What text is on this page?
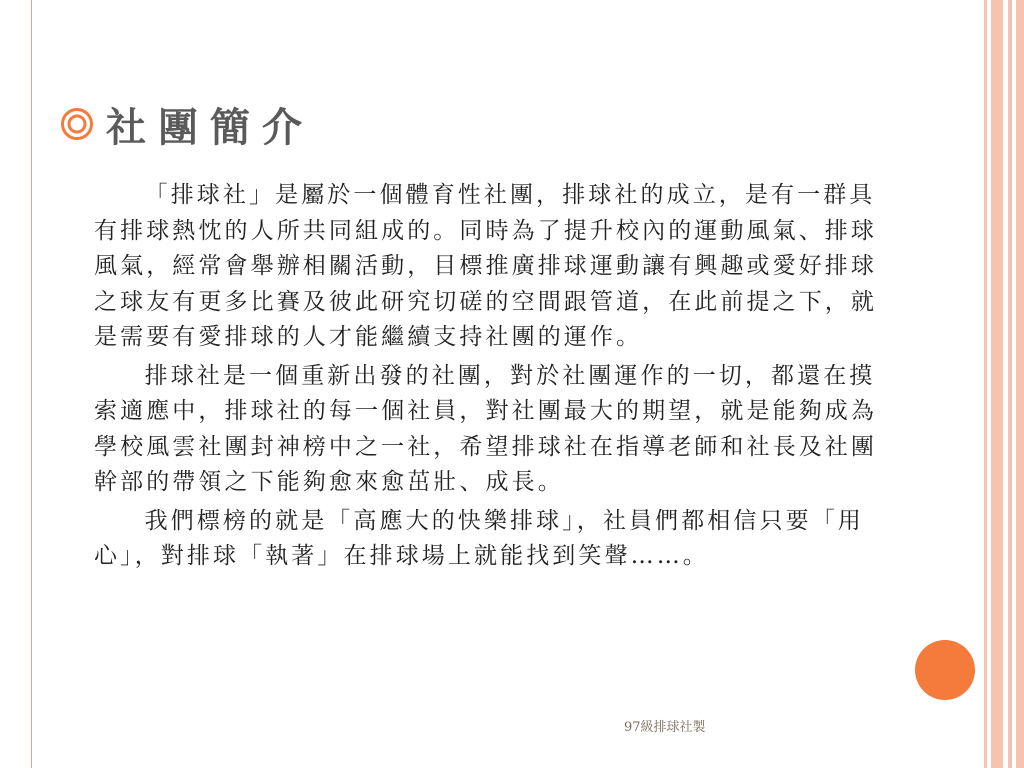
社團簡介

「排球社」是屬於一個體育性社團，排球社的成立，是有一群具有排球熱忱的人所共同組成的。同時為了提升校內的運動風氣、排球風氣，經常會舉辦相關活動，目標推廣排球運動讓有興趣或愛好排球之球友有更多比賽及彼此研究切磋的空間跟管道，在此前提之下，就是需要有愛排球的人才能繼續支持社團的運作。

排球社是一個重新出發的社團，對於社團運作的一切，都還在摸索適應中，排球社的每一個社員，對社團最大的期望，就是能夠成為學校風雲社團封神榜中之一社，希望排球社在指導老師和社長及社團幹部的帶領之下能夠愈來愈茁壯、成長。

我們標榜的就是「高應大的快樂排球」，社員們都相信只要「用心」，對排球「執著」在排球場上就能找到笑聲……。

97級排球社製
